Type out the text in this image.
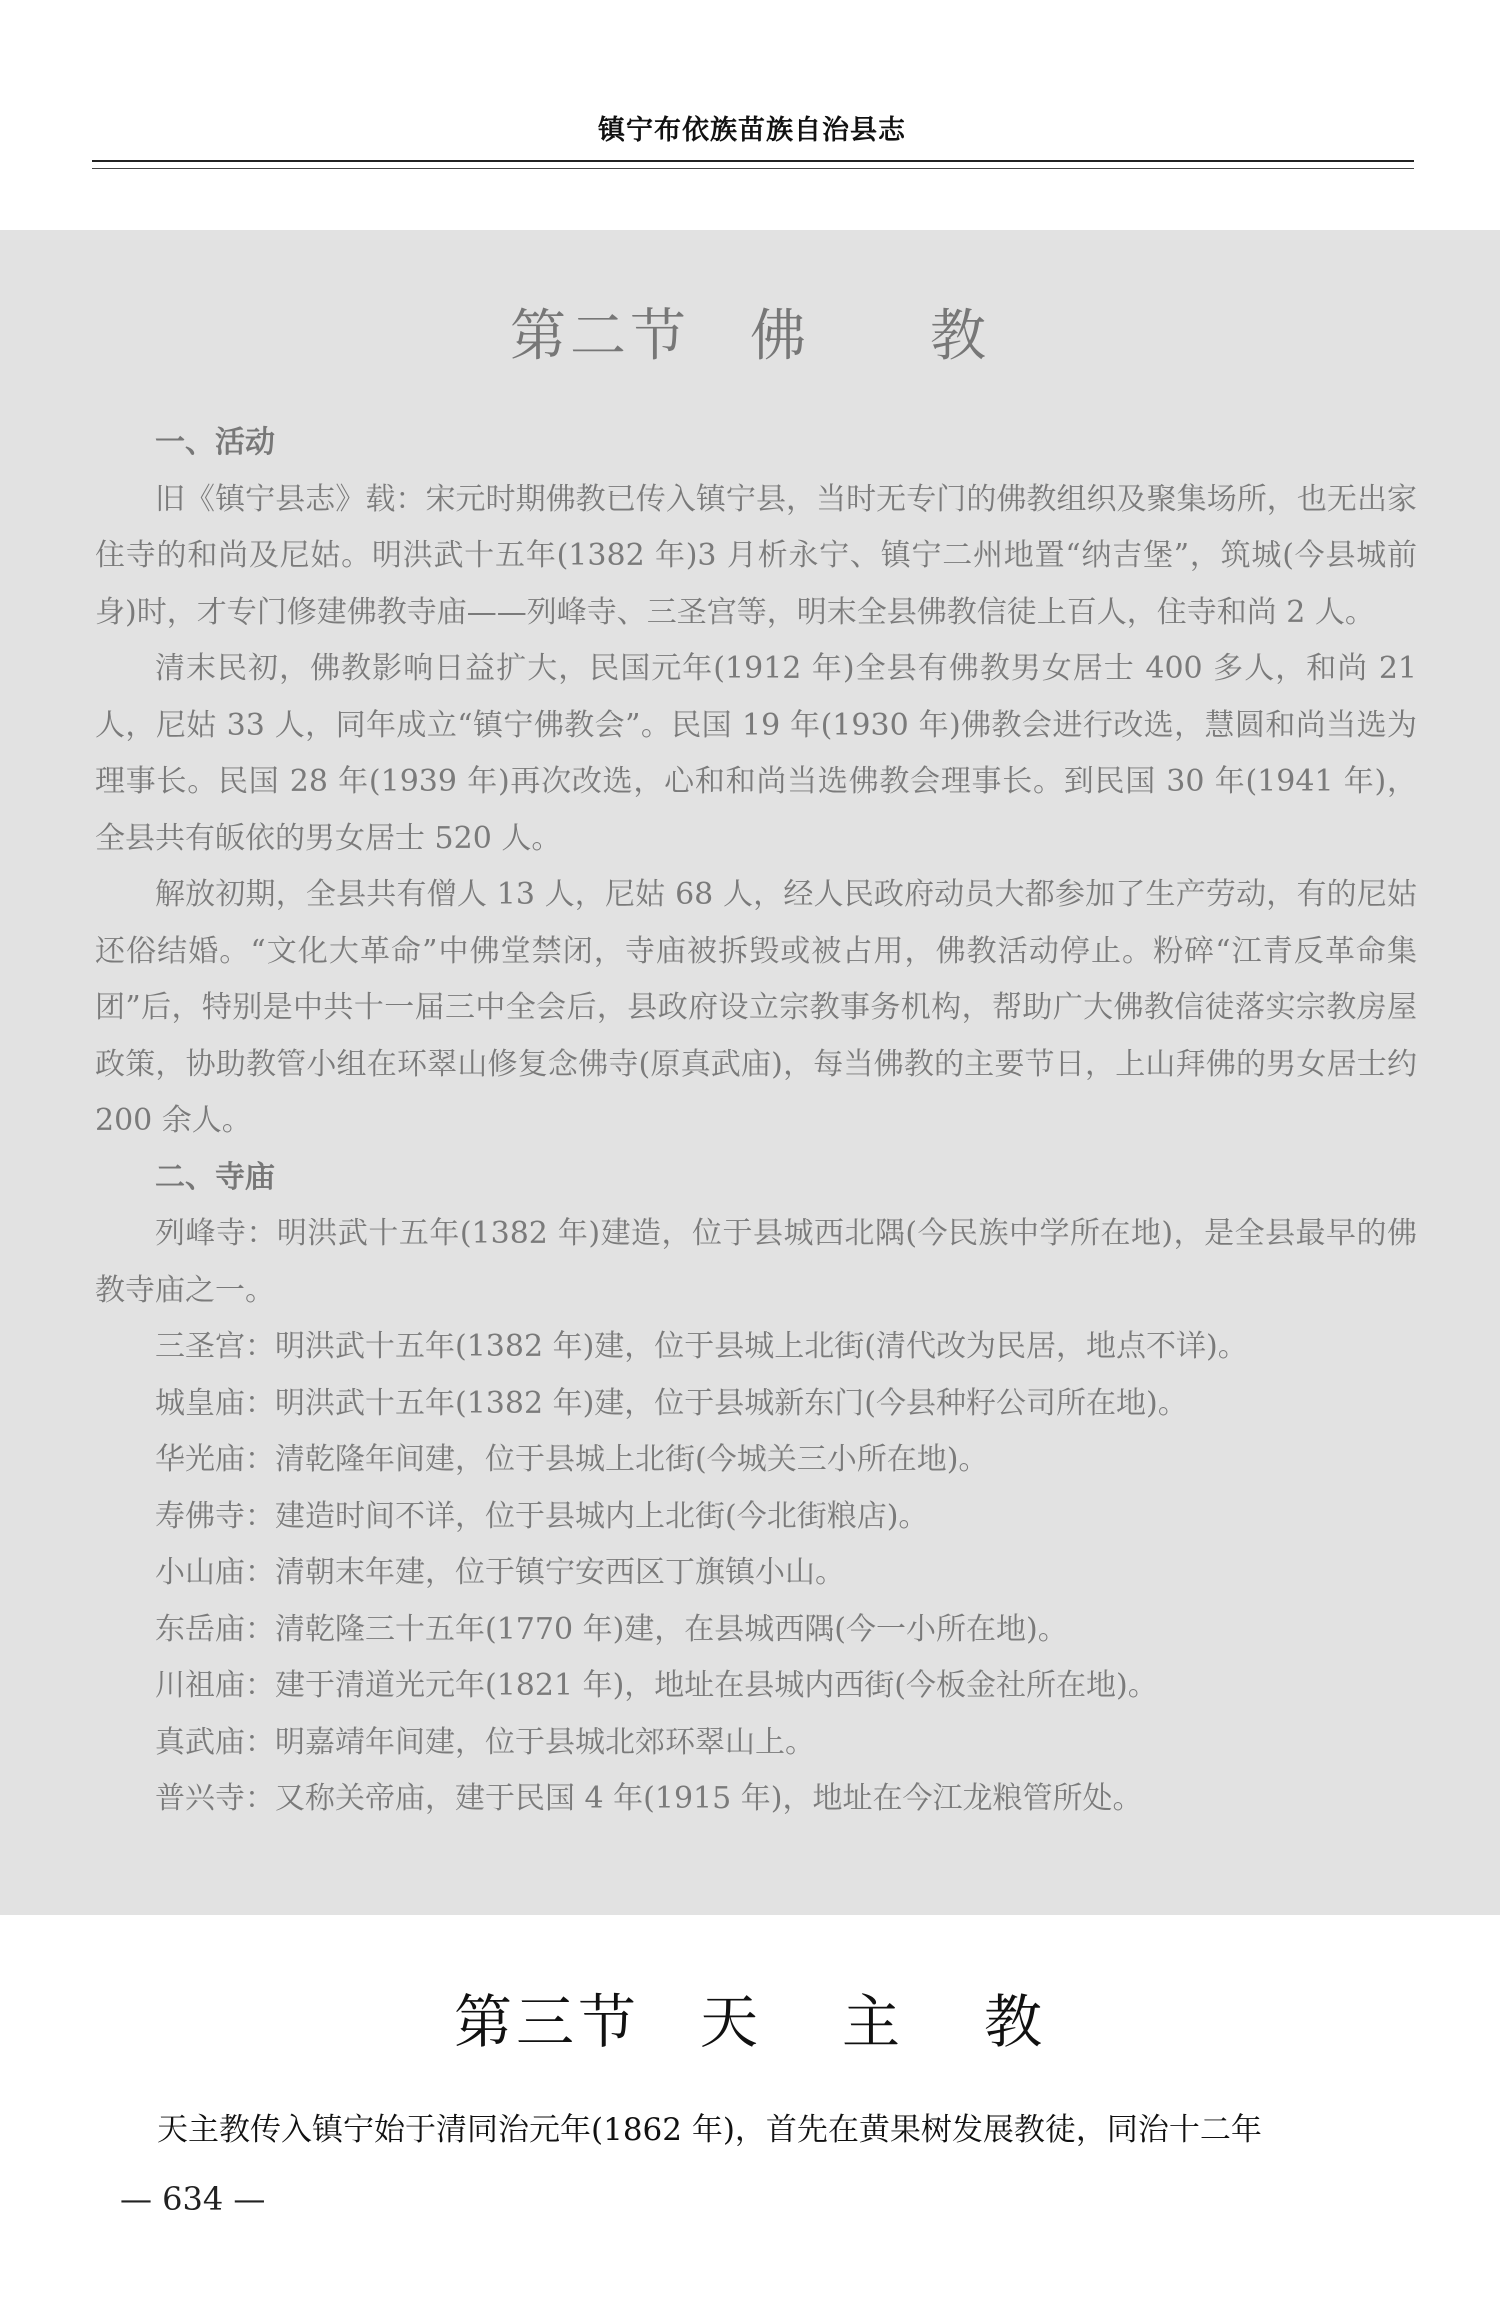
镇宁布依族苗族自治县志
第二节 佛 教

一、活动

旧《镇宁县志》载：宋元时期佛教已传入镇宁县，当时无专门的佛教组织及聚集场所，也无出家住寺的和尚及尼姑。明洪武十五年(1382 年)3 月析永宁、镇宁二州地置“纳吉堡”，筑城(今县城前身)时，才专门修建佛教寺庙——列峰寺、三圣宫等，明末全县佛教信徒上百人，住寺和尚 2 人。

清末民初，佛教影响日益扩大，民国元年(1912 年)全县有佛教男女居士 400 多人，和尚 21 人，尼姑 33 人，同年成立“镇宁佛教会”。民国 19 年(1930 年)佛教会进行改选，慧圆和尚当选为理事长。民国 28 年(1939 年)再次改选，心和和尚当选佛教会理事长。到民国 30 年(1941 年)，全县共有皈依的男女居士 520 人。

解放初期，全县共有僧人 13 人，尼姑 68 人，经人民政府动员大都参加了生产劳动，有的尼姑还俗结婚。“文化大革命”中佛堂禁闭，寺庙被拆毁或被占用，佛教活动停止。粉碎“江青反革命集团”后，特别是中共十一届三中全会后，县政府设立宗教事务机构，帮助广大佛教信徒落实宗教房屋政策，协助教管小组在环翠山修复念佛寺(原真武庙)，每当佛教的主要节日，上山拜佛的男女居士约 200 余人。

二、寺庙

列峰寺：明洪武十五年(1382 年)建造，位于县城西北隅(今民族中学所在地)，是全县最早的佛教寺庙之一。

三圣宫：明洪武十五年(1382 年)建，位于县城上北街(清代改为民居，地点不详)。

城皇庙：明洪武十五年(1382 年)建，位于县城新东门(今县种籽公司所在地)。

华光庙：清乾隆年间建，位于县城上北街(今城关三小所在地)。

寿佛寺：建造时间不详，位于县城内上北街(今北街粮店)。

小山庙：清朝末年建，位于镇宁安西区丁旗镇小山。

东岳庙：清乾隆三十五年(1770 年)建，在县城西隅(今一小所在地)。

川祖庙：建于清道光元年(1821 年)，地址在县城内西街(今板金社所在地)。

真武庙：明嘉靖年间建，位于县城北郊环翠山上。

普兴寺：又称关帝庙，建于民国 4 年(1915 年)，地址在今江龙粮管所处。

第三节 天 主 教
天主教传入镇宁始于清同治元年(1862 年)，首先在黄果树发展教徒，同治十二年
— 634 —
